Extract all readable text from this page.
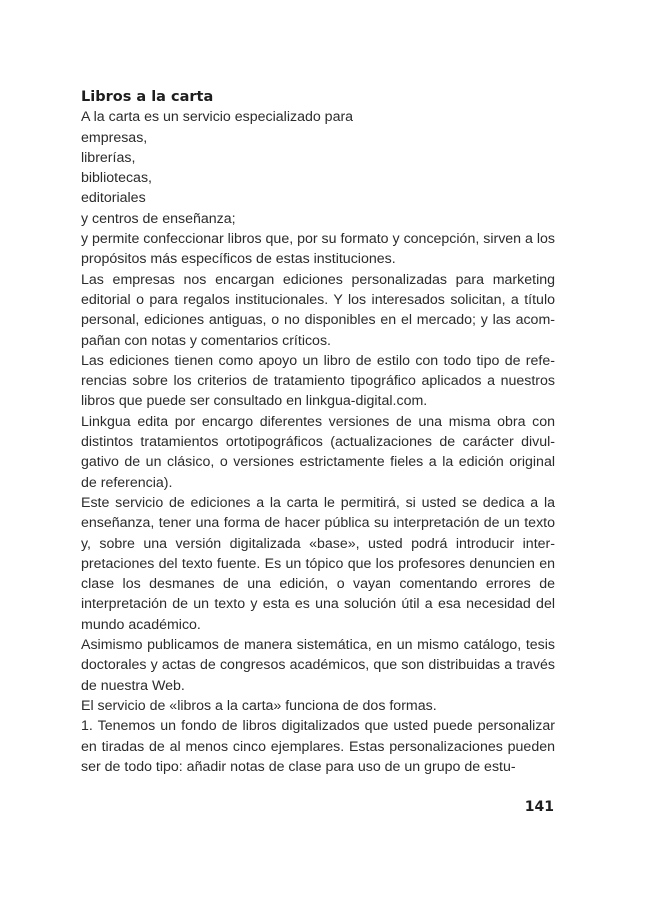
Libros a la carta

A la carta es un servicio especializado para

empresas,

librerías,

bibliotecas,

editoriales

y centros de enseñanza;

y permite confeccionar libros que, por su formato y concepción, sirven a los propósitos más específicos de estas instituciones.

Las empresas nos encargan ediciones personalizadas para marketing editorial o para regalos institucionales. Y los interesados solicitan, a título personal, ediciones antiguas, o no disponibles en el mercado; y las acompañan con notas y comentarios críticos.

Las ediciones tienen como apoyo un libro de estilo con todo tipo de referencias sobre los criterios de tratamiento tipográfico aplicados a nuestros libros que puede ser consultado en linkgua-digital.com.

Linkgua edita por encargo diferentes versiones de una misma obra con distintos tratamientos ortotipográficos (actualizaciones de carácter divulgativo de un clásico, o versiones estrictamente fieles a la edición original de referencia).

Este servicio de ediciones a la carta le permitirá, si usted se dedica a la enseñanza, tener una forma de hacer pública su interpretación de un texto y, sobre una versión digitalizada «base», usted podrá introducir interpretaciones del texto fuente. Es un tópico que los profesores denuncien en clase los desmanes de una edición, o vayan comentando errores de interpretación de un texto y esta es una solución útil a esa necesidad del mundo académico.

Asimismo publicamos de manera sistemática, en un mismo catálogo, tesis doctorales y actas de congresos académicos, que son distribuidas a través de nuestra Web.

El servicio de «libros a la carta» funciona de dos formas.

1. Tenemos un fondo de libros digitalizados que usted puede personalizar en tiradas de al menos cinco ejemplares. Estas personalizaciones pueden ser de todo tipo: añadir notas de clase para uso de un grupo de estu-

141
